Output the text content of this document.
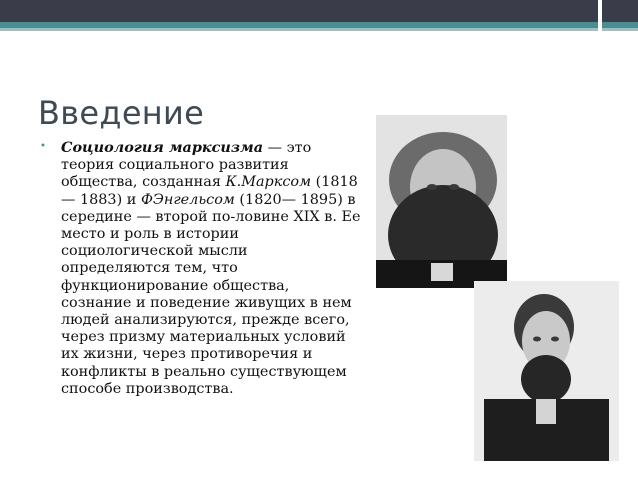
Введение
• Социология марксизма — это теория социального развития общества, созданная К.Марксом (1818— 1883) и ФЭнгельсом (1820— 1895) в середине — второй по-ловине XIX в. Ее место и роль в истории социологической мысли определяются тем, что функционирование общества, сознание и поведение живущих в нем людей анализируются, прежде всего, через призму материальных условий их жизни, через противоречия и конфликты в реально существующем способе производства.
